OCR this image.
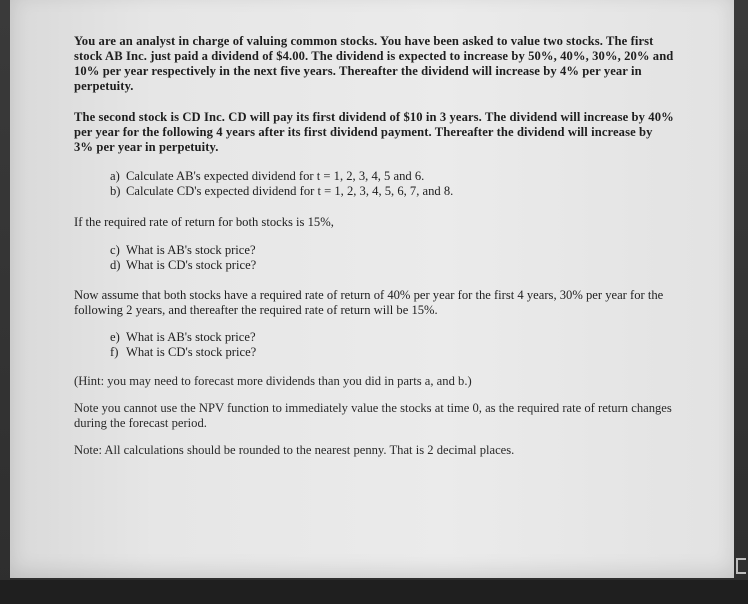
You are an analyst in charge of valuing common stocks. You have been asked to value two stocks. The first stock AB Inc. just paid a dividend of $4.00. The dividend is expected to increase by 50%, 40%, 30%, 20% and 10% per year respectively in the next five years. Thereafter the dividend will increase by 4% per year in perpetuity.

The second stock is CD Inc. CD will pay its first dividend of $10 in 3 years. The dividend will increase by 40% per year for the following 4 years after its first dividend payment. Thereafter the dividend will increase by 3% per year in perpetuity.

a) Calculate AB's expected dividend for t = 1, 2, 3, 4, 5 and 6.
b) Calculate CD's expected dividend for t = 1, 2, 3, 4, 5, 6, 7, and 8.

If the required rate of return for both stocks is 15%,

c) What is AB's stock price?
d) What is CD's stock price?

Now assume that both stocks have a required rate of return of 40% per year for the first 4 years, 30% per year for the following 2 years, and thereafter the required rate of return will be 15%.

e) What is AB's stock price?
f) What is CD's stock price?

(Hint: you may need to forecast more dividends than you did in parts a, and b.)

Note you cannot use the NPV function to immediately value the stocks at time 0, as the required rate of return changes during the forecast period.

Note: All calculations should be rounded to the nearest penny. That is 2 decimal places.
